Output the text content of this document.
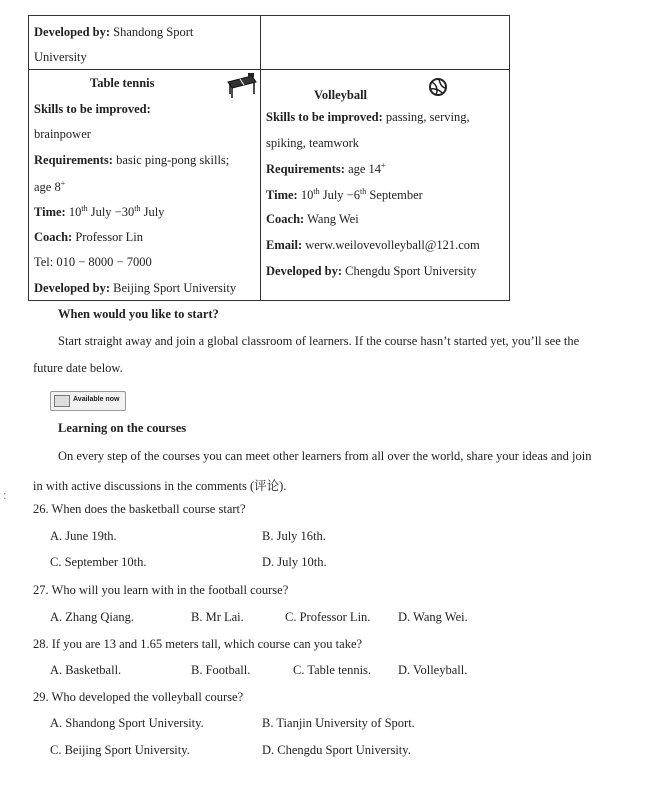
Developed by: Shandong Sport
University
Table tennis
Skills to be improved:
brainpower
Requirements: basic ping-pong skills;
age 8+
Time: 10th July −30th July
Coach: Professor Lin
Tel: 010 − 8000 − 7000
Developed by: Beijing Sport University
Volleyball
Skills to be improved: passing, serving,
spiking, teamwork
Requirements: age 14+
Time: 10th July −6th September
Coach: Wang Wei
Email: werw.weilovevolleyball@121.com
Developed by: Chengdu Sport University
When would you like to start?
Start straight away and join a global classroom of learners. If the course hasn’t started yet, you’ll see the
future date below.
Available now
Learning on the courses
On every step of the courses you can meet other learners from all over the world, share your ideas and join
in with active discussions in the comments (评论).
:
26. When does the basketball course start?
A. June 19th.	B. July 16th.
C. September 10th.	D. July 10th.
27. Who will you learn with in the football course?
A. Zhang Qiang.	B. Mr Lai.	C. Professor Lin. D. Wang Wei.
28. If you are 13 and 1.65 meters tall, which course can you take?
A. Basketball.	B. Football.	C. Table tennis. D. Volleyball.
29. Who developed the volleyball course?
A. Shandong Sport University.	B. Tianjin University of Sport.
C. Beijing Sport University.	D. Chengdu Sport University.
